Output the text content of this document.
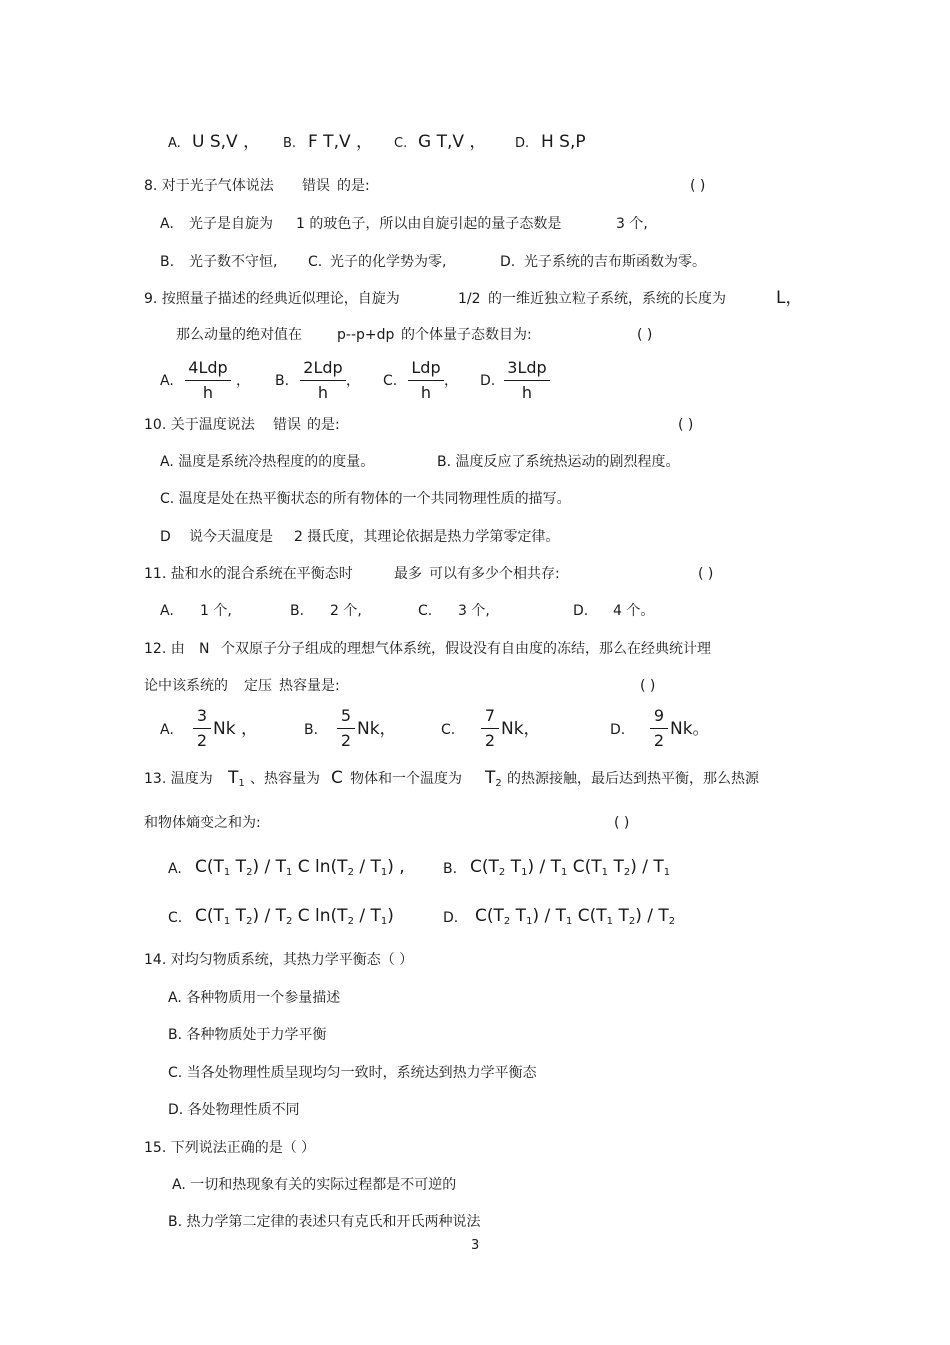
A. U S,V ， B. F T,V ， C. G T,V ， D. H S,P
8. 对于光子气体说法 错误 的是:	( )
A. 光子是自旋为 1 的玻色子，所以由自旋引起的量子态数是	3 个,
B. 光子数不守恒, C. 光子的化学势为零,	D. 光子系统的吉布斯函数为零。
9. 按照量子描述的经典近似理论，自旋为	1/2 的一维近独立粒子系统，系统的长度为	L，
那么动量的绝对值在	p--p+dp 的个体量子态数目为:	( )
A.
4Ldp
h
， B.
2Ldp
h
， C.
Ldp
h
， D.
3Ldp
h
10. 关于温度说法 错误 的是:	( )
A. 温度是系统冷热程度的的度量。	B. 温度反应了系统热运动的剧烈程度。
C. 温度是处在热平衡状态的所有物体的一个共同物理性质的描写。
D 说今天温度是 2 摄氏度，其理论依据是热力学第零定律。
11. 盐和水的混合系统在平衡态时	最多 可以有多少个相共存:	( )
A. 1 个,	B. 2 个,	C. 3 个,	D. 4 个。
12. 由 N 个双原子分子组成的理想气体系统，假设没有自由度的冻结，那么在经典统计理
论中该系统的 定压 热容量是:	( )
A.
3
2
Nk ，	B.
5
2
Nk，	C.
7
2
Nk，	D.
9
2
Nk。
13. 温度为 $T_1$ 、热容量为 C 物体和一个温度为 $T_2$ 的热源接触，最后达到热平衡，那么热源
和物体熵变之和为:	( )
A. $C(T_1$ $T_2) / T_1$ C $\ln(T_2 / T_1)$ ,	B. $C(T_2$ $T_1) / T_1$ $C(T_1$ $T_2) / T_1$
C. $C(T_1$ $T_2) / T_2$ C $\ln(T_2 / T_1)$	D. $C(T_2$ $T_1) / T_1$ $C(T_1$ $T_2) / T_2$
14. 对均匀物质系统，其热力学平衡态（ ）
A. 各种物质用一个参量描述
B. 各种物质处于力学平衡
C. 当各处物理性质呈现均匀一致时，系统达到热力学平衡态
D. 各处物理性质不同
15. 下列说法正确的是（ ）
A. 一切和热现象有关的实际过程都是不可逆的
B. 热力学第二定律的表述只有克氏和开氏两种说法
3
